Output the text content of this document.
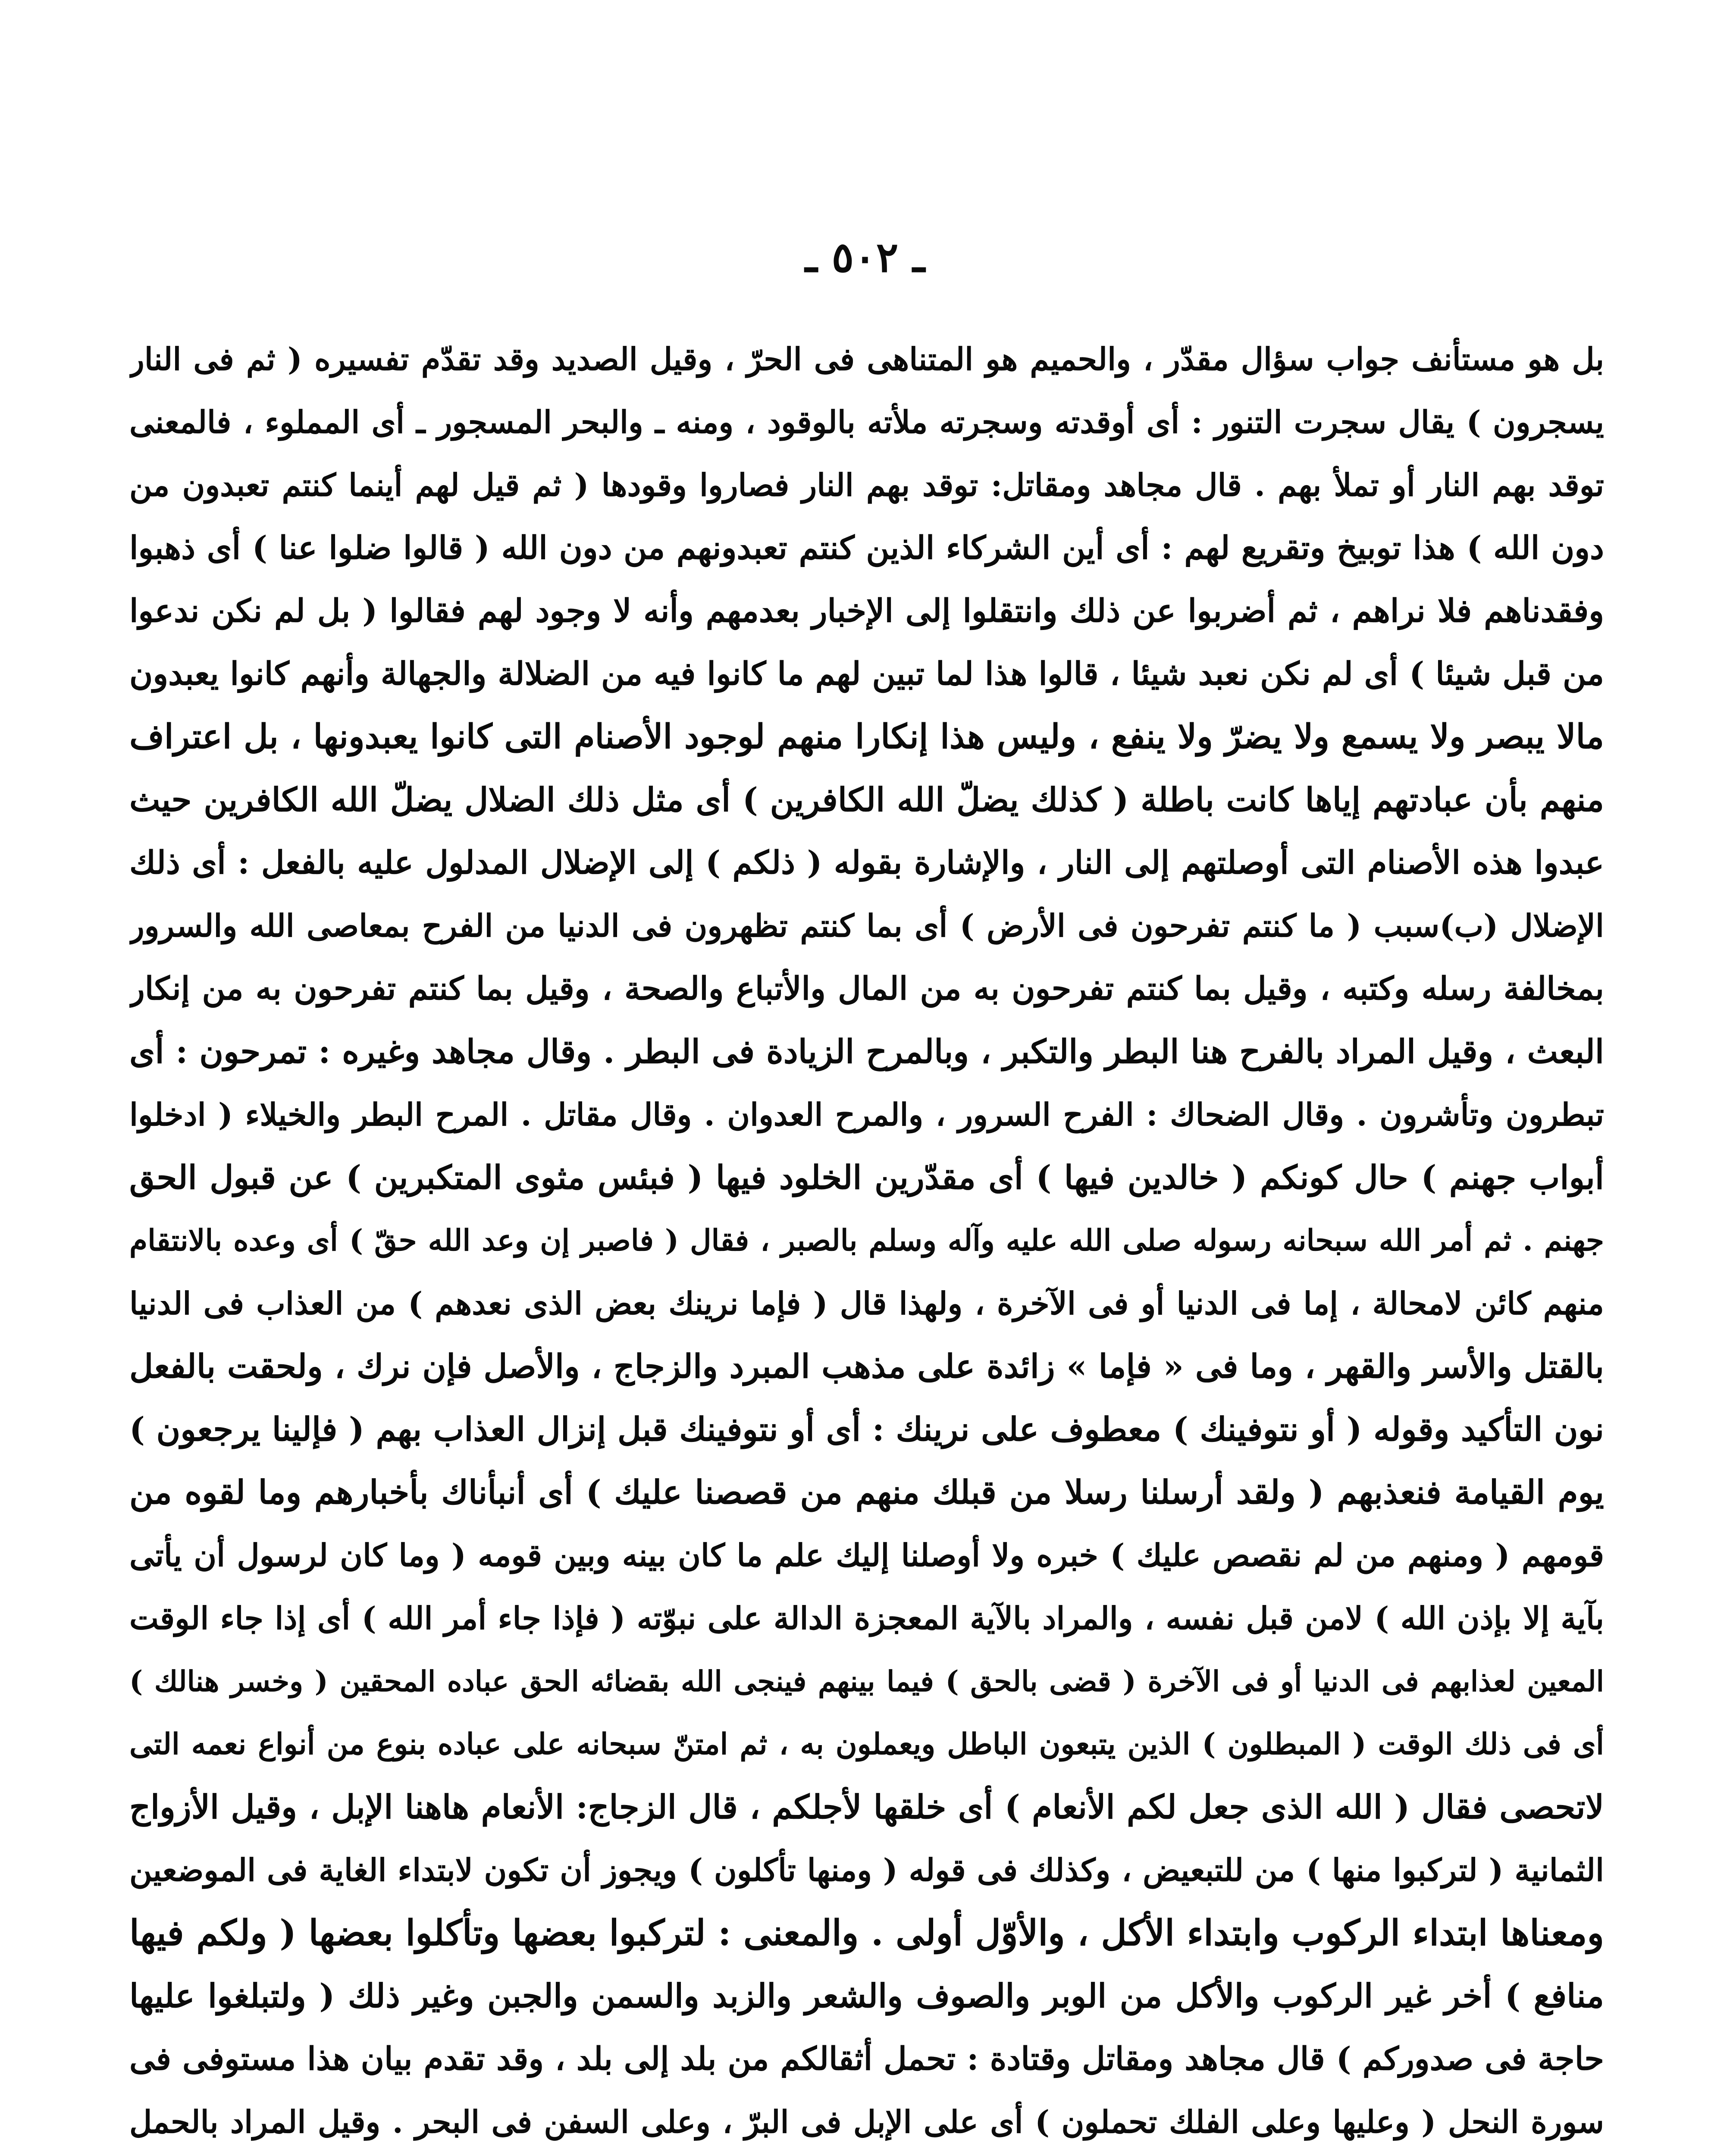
ـ ٥٠٢ ـ
بل هو مستأنف جواب سؤال مقدّر ، والحميم هو المتناهى فى الحرّ ، وقيل الصديد وقد تقدّم تفسيره ( ثم فى النار
يسجرون ) يقال سجرت التنور : أى أوقدته وسجرته ملأته بالوقود ، ومنه ـ والبحر المسجور ـ أى المملوء ، فالمعنى
توقد بهم النار أو تملأ بهم . قال مجاهد ومقاتل: توقد بهم النار فصاروا وقودها ( ثم قيل لهم أينما كنتم تعبدون من
دون الله ) هذا توبيخ وتقريع لهم : أى أين الشركاء الذين كنتم تعبدونهم من دون الله ( قالوا ضلوا عنا ) أى ذهبوا
وفقدناهم فلا نراهم ، ثم أضربوا عن ذلك وانتقلوا إلى الإخبار بعدمهم وأنه لا وجود لهم فقالوا ( بل لم نكن ندعوا
من قبل شيئا ) أى لم نكن نعبد شيئا ، قالوا هذا لما تبين لهم ما كانوا فيه من الضلالة والجهالة وأنهم كانوا يعبدون
مالا يبصر ولا يسمع ولا يضرّ ولا ينفع ، وليس هذا إنكارا منهم لوجود الأصنام التى كانوا يعبدونها ، بل اعتراف
منهم بأن عبادتهم إياها كانت باطلة ( كذلك يضلّ الله الكافرين ) أى مثل ذلك الضلال يضلّ الله الكافرين حيث
عبدوا هذه الأصنام التى أوصلتهم إلى النار ، والإشارة بقوله ( ذلكم ) إلى الإضلال المدلول عليه بالفعل : أى ذلك
الإضلال (ب)سبب ( ما كنتم تفرحون فى الأرض ) أى بما كنتم تظهرون فى الدنيا من الفرح بمعاصى الله والسرور
بمخالفة رسله وكتبه ، وقيل بما كنتم تفرحون به من المال والأتباع والصحة ، وقيل بما كنتم تفرحون به من إنكار
البعث ، وقيل المراد بالفرح هنا البطر والتكبر ، وبالمرح الزيادة فى البطر . وقال مجاهد وغيره : تمرحون : أى
تبطرون وتأشرون . وقال الضحاك : الفرح السرور ، والمرح العدوان . وقال مقاتل . المرح البطر والخيلاء ( ادخلوا
أبواب جهنم ) حال كونكم ( خالدين فيها ) أى مقدّرين الخلود فيها ( فبئس مثوى المتكبرين ) عن قبول الحق
جهنم . ثم أمر الله سبحانه رسوله صلى الله عليه وآله وسلم بالصبر ، فقال ( فاصبر إن وعد الله حقّ ) أى وعده بالانتقام
منهم كائن لامحالة ، إما فى الدنيا أو فى الآخرة ، ولهذا قال ( فإما نرينك بعض الذى نعدهم ) من العذاب فى الدنيا
بالقتل والأسر والقهر ، وما فى « فإما » زائدة على مذهب المبرد والزجاج ، والأصل فإن نرك ، ولحقت بالفعل
نون التأكيد وقوله ( أو نتوفينك ) معطوف على نرينك : أى أو نتوفينك قبل إنزال العذاب بهم ( فإلينا يرجعون )
يوم القيامة فنعذبهم ( ولقد أرسلنا رسلا من قبلك منهم من قصصنا عليك ) أى أنبأناك بأخبارهم وما لقوه من
قومهم ( ومنهم من لم نقصص عليك ) خبره ولا أوصلنا إليك علم ما كان بينه وبين قومه ( وما كان لرسول أن يأتى
بآية إلا بإذن الله ) لامن قبل نفسه ، والمراد بالآية المعجزة الدالة على نبوّته ( فإذا جاء أمر الله ) أى إذا جاء الوقت
المعين لعذابهم فى الدنيا أو فى الآخرة ( قضى بالحق ) فيما بينهم فينجى الله بقضائه الحق عباده المحقين ( وخسر هنالك )
أى فى ذلك الوقت ( المبطلون ) الذين يتبعون الباطل ويعملون به ، ثم امتنّ سبحانه على عباده بنوع من أنواع نعمه التى
لاتحصى فقال ( الله الذى جعل لكم الأنعام ) أى خلقها لأجلكم ، قال الزجاج: الأنعام هاهنا الإبل ، وقيل الأزواج
الثمانية ( لتركبوا منها ) من للتبعيض ، وكذلك فى قوله ( ومنها تأكلون ) ويجوز أن تكون لابتداء الغاية فى الموضعين
ومعناها ابتداء الركوب وابتداء الأكل ، والأوّل أولى . والمعنى : لتركبوا بعضها وتأكلوا بعضها ( ولكم فيها
منافع ) أخر غير الركوب والأكل من الوبر والصوف والشعر والزبد والسمن والجبن وغير ذلك ( ولتبلغوا عليها
حاجة فى صدوركم ) قال مجاهد ومقاتل وقتادة : تحمل أثقالكم من بلد إلى بلد ، وقد تقدم بيان هذا مستوفى فى
سورة النحل ( وعليها وعلى الفلك تحملون ) أى على الإبل فى البرّ ، وعلى السفن فى البحر . وقيل المراد بالحمل
